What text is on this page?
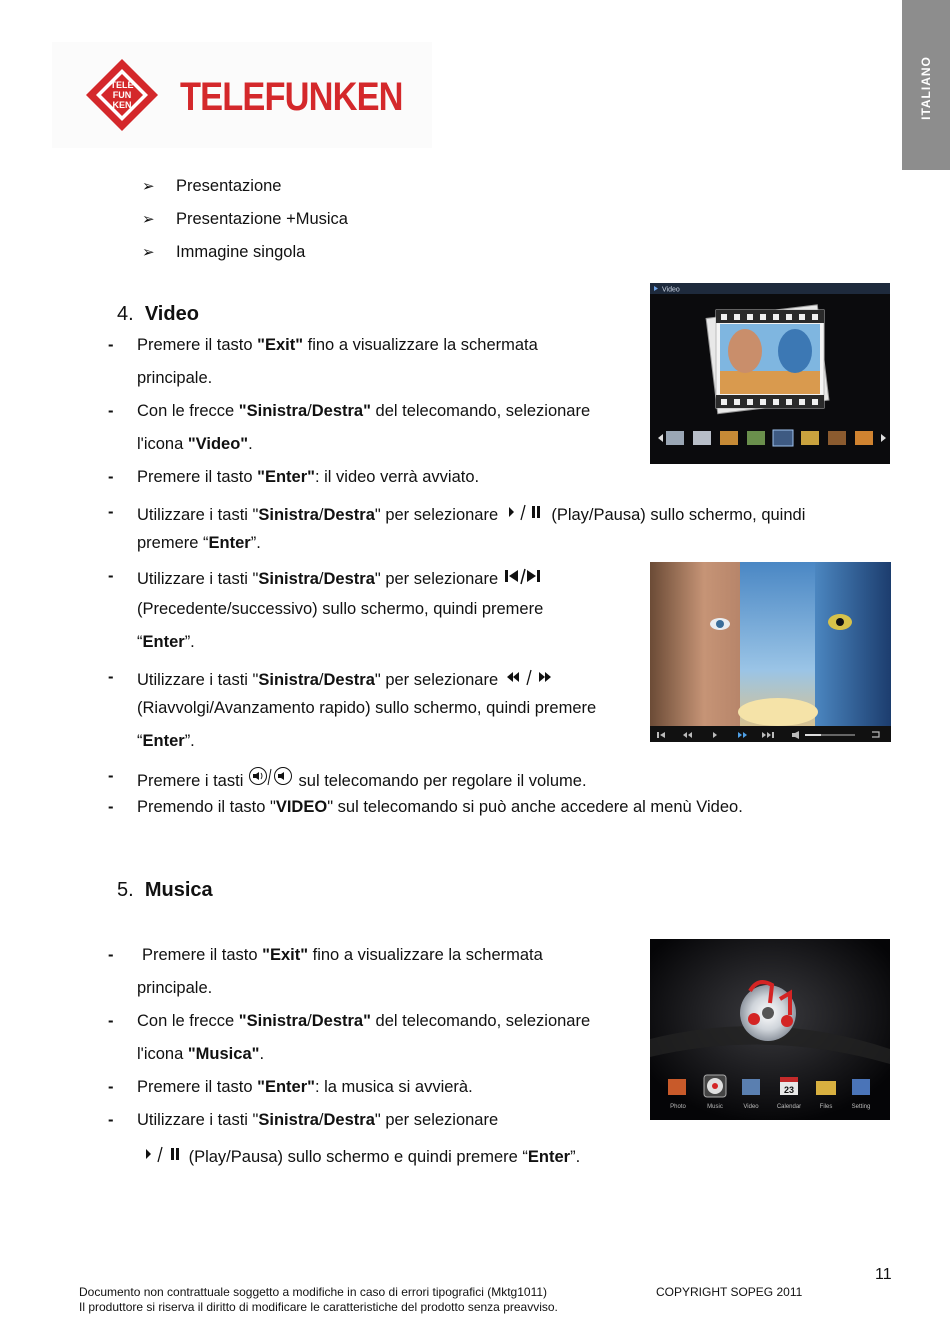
ITALIANO
TELE
FUN
KEN TELEFUNKEN
➢ Presentazione
➢ Presentazione +Musica
➢ Immagine singola
4. Video
Video
- Premere il tasto "Exit" fino a visualizzare la schermata
principale.
- Con le frecce "Sinistra/Destra" del telecomando, selezionare
l'icona "Video".
- Premere il tasto "Enter": il video verrà avviato.
- Utilizzare i tasti "Sinistra/Destra" per selezionare	(Play/Pausa) sullo schermo, quindi
premere “Enter”.
- Utilizzare i tasti "Sinistra/Destra" per selezionare
(Precedente/successivo) sullo schermo, quindi premere
“Enter”.
- Utilizzare i tasti "Sinistra/Destra" per selezionare
(Riavvolgi/Avanzamento rapido) sullo schermo, quindi premere
“Enter”.
- Premere i tasti	sul telecomando per regolare il volume.
- Premendo il tasto "VIDEO" sul telecomando si può anche accedere al menù Video.
5. Musica
23
Photo	Music	Video	Calendar	Files	Setting
- Premere il tasto "Exit" fino a visualizzare la schermata
principale.
- Con le frecce "Sinistra/Destra" del telecomando, selezionare
l'icona "Musica".
- Premere il tasto "Enter": la musica si avvierà.
- Utilizzare i tasti "Sinistra/Destra" per selezionare
(Play/Pausa) sullo schermo e quindi premere “Enter”.
11
Documento non contrattuale soggetto a modifiche in caso di errori tipografici (Mktg1011)	COPYRIGHT SOPEG 2011
Il produttore si riserva il diritto di modificare le caratteristiche del prodotto senza preavviso.
